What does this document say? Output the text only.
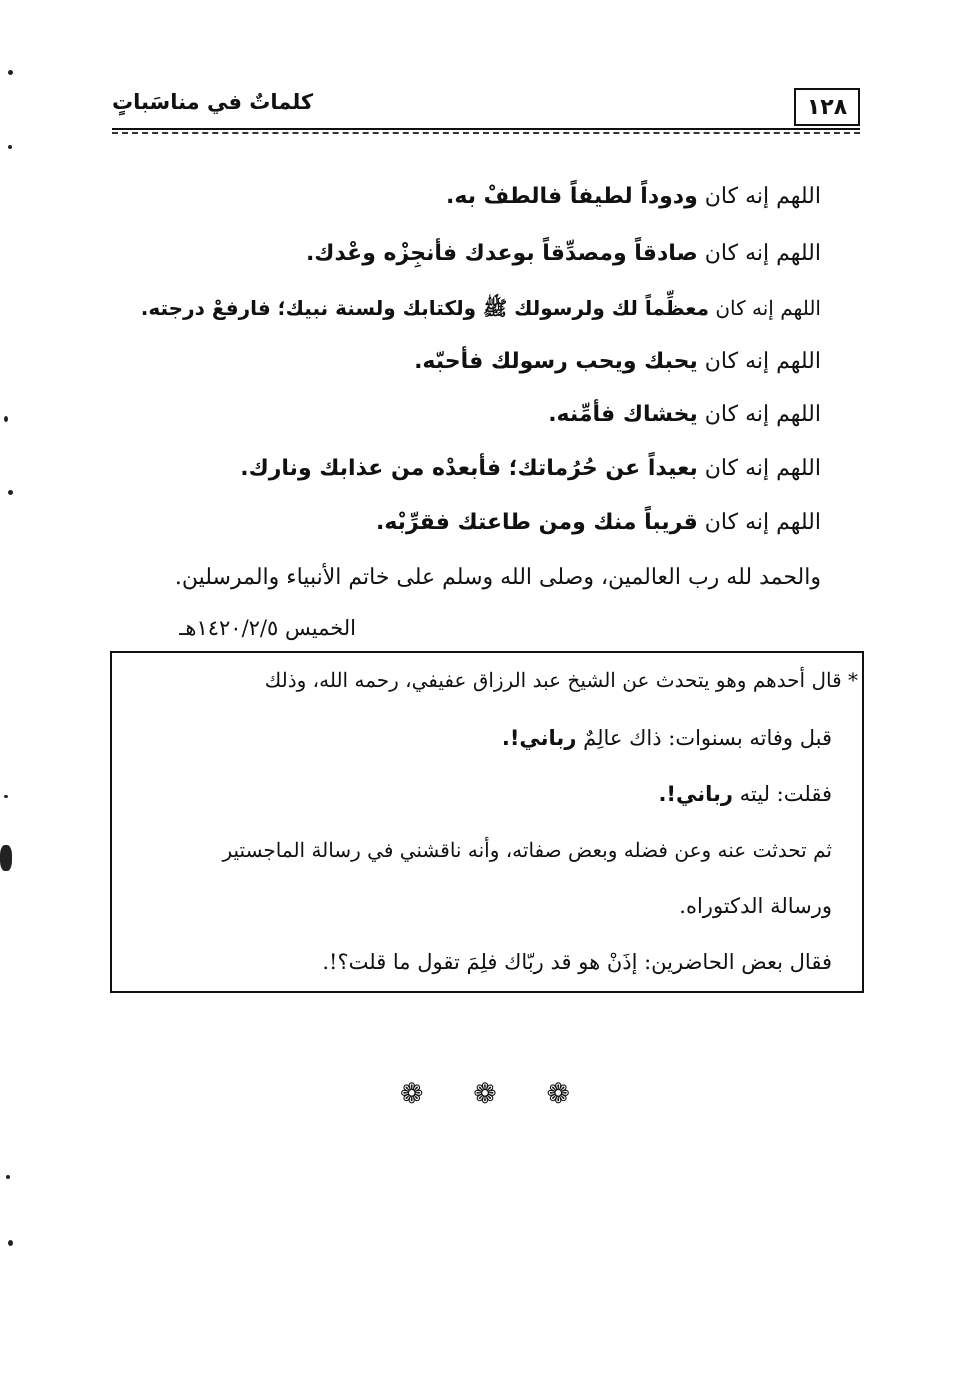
١٢٨
كلماتٌ في مناسَباتٍ
اللهم إنه كان ودوداً لطيفاً فالطفْ به.
اللهم إنه كان صادقاً ومصدِّقاً بوعدك فأنجِزْه وعْدك.
اللهم إنه كان معظِّماً لك ولرسولك ﷺ ولكتابك ولسنة نبيك؛ فارفعْ درجته.
اللهم إنه كان يحبك ويحب رسولك فأحبّه.
اللهم إنه كان يخشاك فأمِّنه.
اللهم إنه كان بعيداً عن حُرُماتك؛ فأبعدْه من عذابك ونارك.
اللهم إنه كان قريباً منك ومن طاعتك فقرِّبْه.
والحمد لله رب العالمين، وصلى الله وسلم على خاتم الأنبياء والمرسلين.
الخميس ١٤٢٠/٢/٥هـ
* قال أحدهم وهو يتحدث عن الشيخ عبد الرزاق عفيفي، رحمه الله، وذلك
قبل وفاته بسنوات: ذاك عالِمٌ رباني!.
فقلت: ليته رباني!.
ثم تحدثت عنه وعن فضله وبعض صفاته، وأنه ناقشني في رسالة الماجستير
ورسالة الدكتوراه.
فقال بعض الحاضرين: إذَنْ هو قد ربّاك فلِمَ تقول ما قلت؟!.
❁ ❁ ❁
